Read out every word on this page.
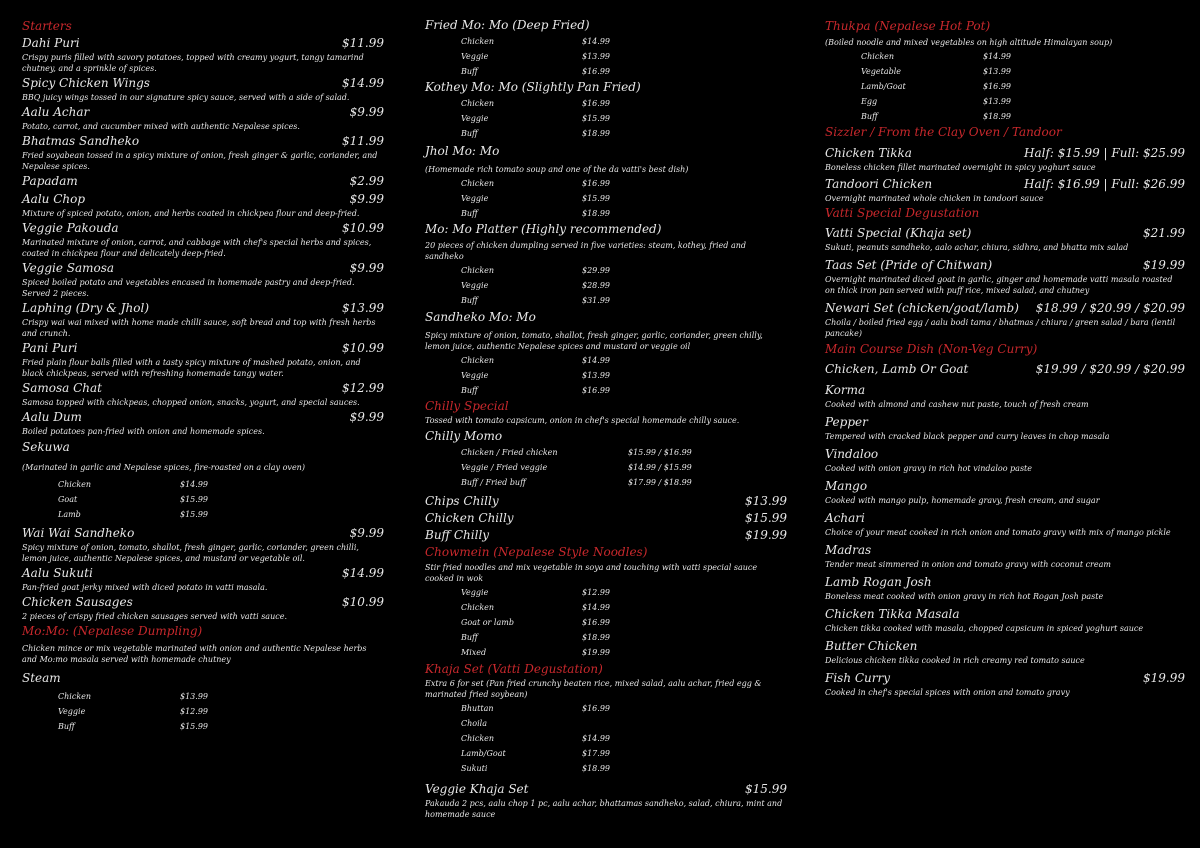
Starters
Dahi Puri	$11.99
Crispy puris filled with savory potatoes, topped with creamy yogurt, tangy tamarind chutney, and a sprinkle of spices.
Spicy Chicken Wings	$14.99
BBQ juicy wings tossed in our signature spicy sauce, served with a side of salad.
Aalu Achar	$9.99
Potato, carrot, and cucumber mixed with authentic Nepalese spices.
Bhatmas Sandheko	$11.99
Fried soyabean tossed in a spicy mixture of onion, fresh ginger & garlic, coriander, and Nepalese spices.
Papadam	$2.99
Aalu Chop	$9.99
Mixture of spiced potato, onion, and herbs coated in chickpea flour and deep-fried.
Veggie Pakouda	$10.99
Marinated mixture of onion, carrot, and cabbage with chef's special herbs and spices, coated in chickpea flour and delicately deep-fried.
Veggie Samosa	$9.99
Spiced boiled potato and vegetables encased in homemade pastry and deep-fried. Served 2 pieces.
Laphing (Dry & Jhol)	$13.99
Crispy wai wai mixed with home made chilli sauce, soft bread and top with fresh herbs and crunch.
Pani Puri	$10.99
Fried plain flour balls filled with a tasty spicy mixture of mashed potato, onion, and black chickpeas, served with refreshing homemade tangy water.
Samosa Chat	$12.99
Samosa topped with chickpeas, chopped onion, snacks, yogurt, and special sauces.
Aalu Dum	$9.99
Boiled potatoes pan-fried with onion and homemade spices.
Sekuwa
(Marinated in garlic and Nepalese spices, fire-roasted on a clay oven)
Chicken	$14.99
Goat	$15.99
Lamb	$15.99
Wai Wai Sandheko	$9.99
Spicy mixture of onion, tomato, shallot, fresh ginger, garlic, coriander, green chilli, lemon juice, authentic Nepalese spices, and mustard or vegetable oil.
Aalu Sukuti	$14.99
Pan-fried goat jerky mixed with diced potato in vatti masala.
Chicken Sausages	$10.99
2 pieces of crispy fried chicken sausages served with vatti sauce.
Mo:Mo: (Nepalese Dumpling)
Chicken mince or mix vegetable marinated with onion and authentic Nepalese herbs and Mo:mo masala served with homemade chutney
Steam
Chicken	$13.99
Veggie	$12.99
Buff	$15.99
Fried Mo: Mo (Deep Fried)
Chicken	$14.99
Veggie	$13.99
Buff	$16.99
Kothey Mo: Mo (Slightly Pan Fried)
Chicken	$16.99
Veggie	$15.99
Buff	$18.99
Jhol Mo: Mo
(Homemade rich tomato soup and one of the da vatti's best dish)
Chicken	$16.99
Veggie	$15.99
Buff	$18.99
Mo: Mo Platter (Highly recommended)
20 pieces of chicken dumpling served in five varieties: steam, kothey, fried and sandheko
Chicken	$29.99
Veggie	$28.99
Buff	$31.99
Sandheko Mo: Mo
Spicy mixture of onion, tomato, shallot, fresh ginger, garlic, coriander, green chilly, lemon juice, authentic Nepalese spices and mustard or veggie oil
Chicken	$14.99
Veggie	$13.99
Buff	$16.99
Chilly Special
Tossed with tomato capsicum, onion in chef's special homemade chilly sauce.
Chilly Momo
Chicken / Fried chicken	$15.99 / $16.99
Veggie / Fried veggie	$14.99 / $15.99
Buff / Fried buff	$17.99 / $18.99
Chips Chilly	$13.99
Chicken Chilly	$15.99
Buff Chilly	$19.99
Chowmein (Nepalese Style Noodles)
Stir fried noodles and mix vegetable in soya and touching with vatti special sauce cooked in wok
Veggie	$12.99
Chicken	$14.99
Goat or lamb	$16.99
Buff	$18.99
Mixed	$19.99
Khaja Set (Vatti Degustation)
Extra 6 for set (Pan fried crunchy beaten rice, mixed salad, aalu achar, fried egg & marinated fried soybean)
Bhuttan	$16.99
Choila
Chicken	$14.99
Lamb/Goat	$17.99
Sukuti	$18.99
Veggie Khaja Set	$15.99
Pakauda 2 pcs, aalu chop 1 pc, aalu achar, bhattamas sandheko, salad, chiura, mint and homemade sauce
Thukpa (Nepalese Hot Pot)
(Boiled noodle and mixed vegetables on high altitude Himalayan soup)
Chicken	$14.99
Vegetable	$13.99
Lamb/Goat	$16.99
Egg	$13.99
Buff	$18.99
Sizzler / From the Clay Oven / Tandoor
Chicken Tikka	Half: $15.99 | Full: $25.99
Boneless chicken fillet marinated overnight in spicy yoghurt sauce
Tandoori Chicken	Half: $16.99 | Full: $26.99
Overnight marinated whole chicken in tandoori sauce
Vatti Special Degustation
Vatti Special (Khaja set)	$21.99
Sukuti, peanuts sandheko, aalo achar, chiura, sidhra, and bhatta mix salad
Taas Set (Pride of Chitwan)	$19.99
Overnight marinated diced goat in garlic, ginger and homemade vatti masala roasted on thick iron pan served with puff rice, mixed salad, and chutney
Newari Set (chicken/goat/lamb) $18.99 / $20.99 / $20.99
Choila / boiled fried egg / aalu bodi tama / bhatmas / chiura / green salad / bara (lentil pancake)
Main Course Dish (Non-Veg Curry)
Chicken, Lamb Or Goat	$19.99 / $20.99 / $20.99
Korma
Cooked with almond and cashew nut paste, touch of fresh cream
Pepper
Tempered with cracked black pepper and curry leaves in chop masala
Vindaloo
Cooked with onion gravy in rich hot vindaloo paste
Mango
Cooked with mango pulp, homemade gravy, fresh cream, and sugar
Achari
Choice of your meat cooked in rich onion and tomato gravy with mix of mango pickle
Madras
Tender meat simmered in onion and tomato gravy with coconut cream
Lamb Rogan Josh
Boneless meat cooked with onion gravy in rich hot Rogan Josh paste
Chicken Tikka Masala
Chicken tikka cooked with masala, chopped capsicum in spiced yoghurt sauce
Butter Chicken
Delicious chicken tikka cooked in rich creamy red tomato sauce
Fish Curry	$19.99
Cooked in chef's special spices with onion and tomato gravy
